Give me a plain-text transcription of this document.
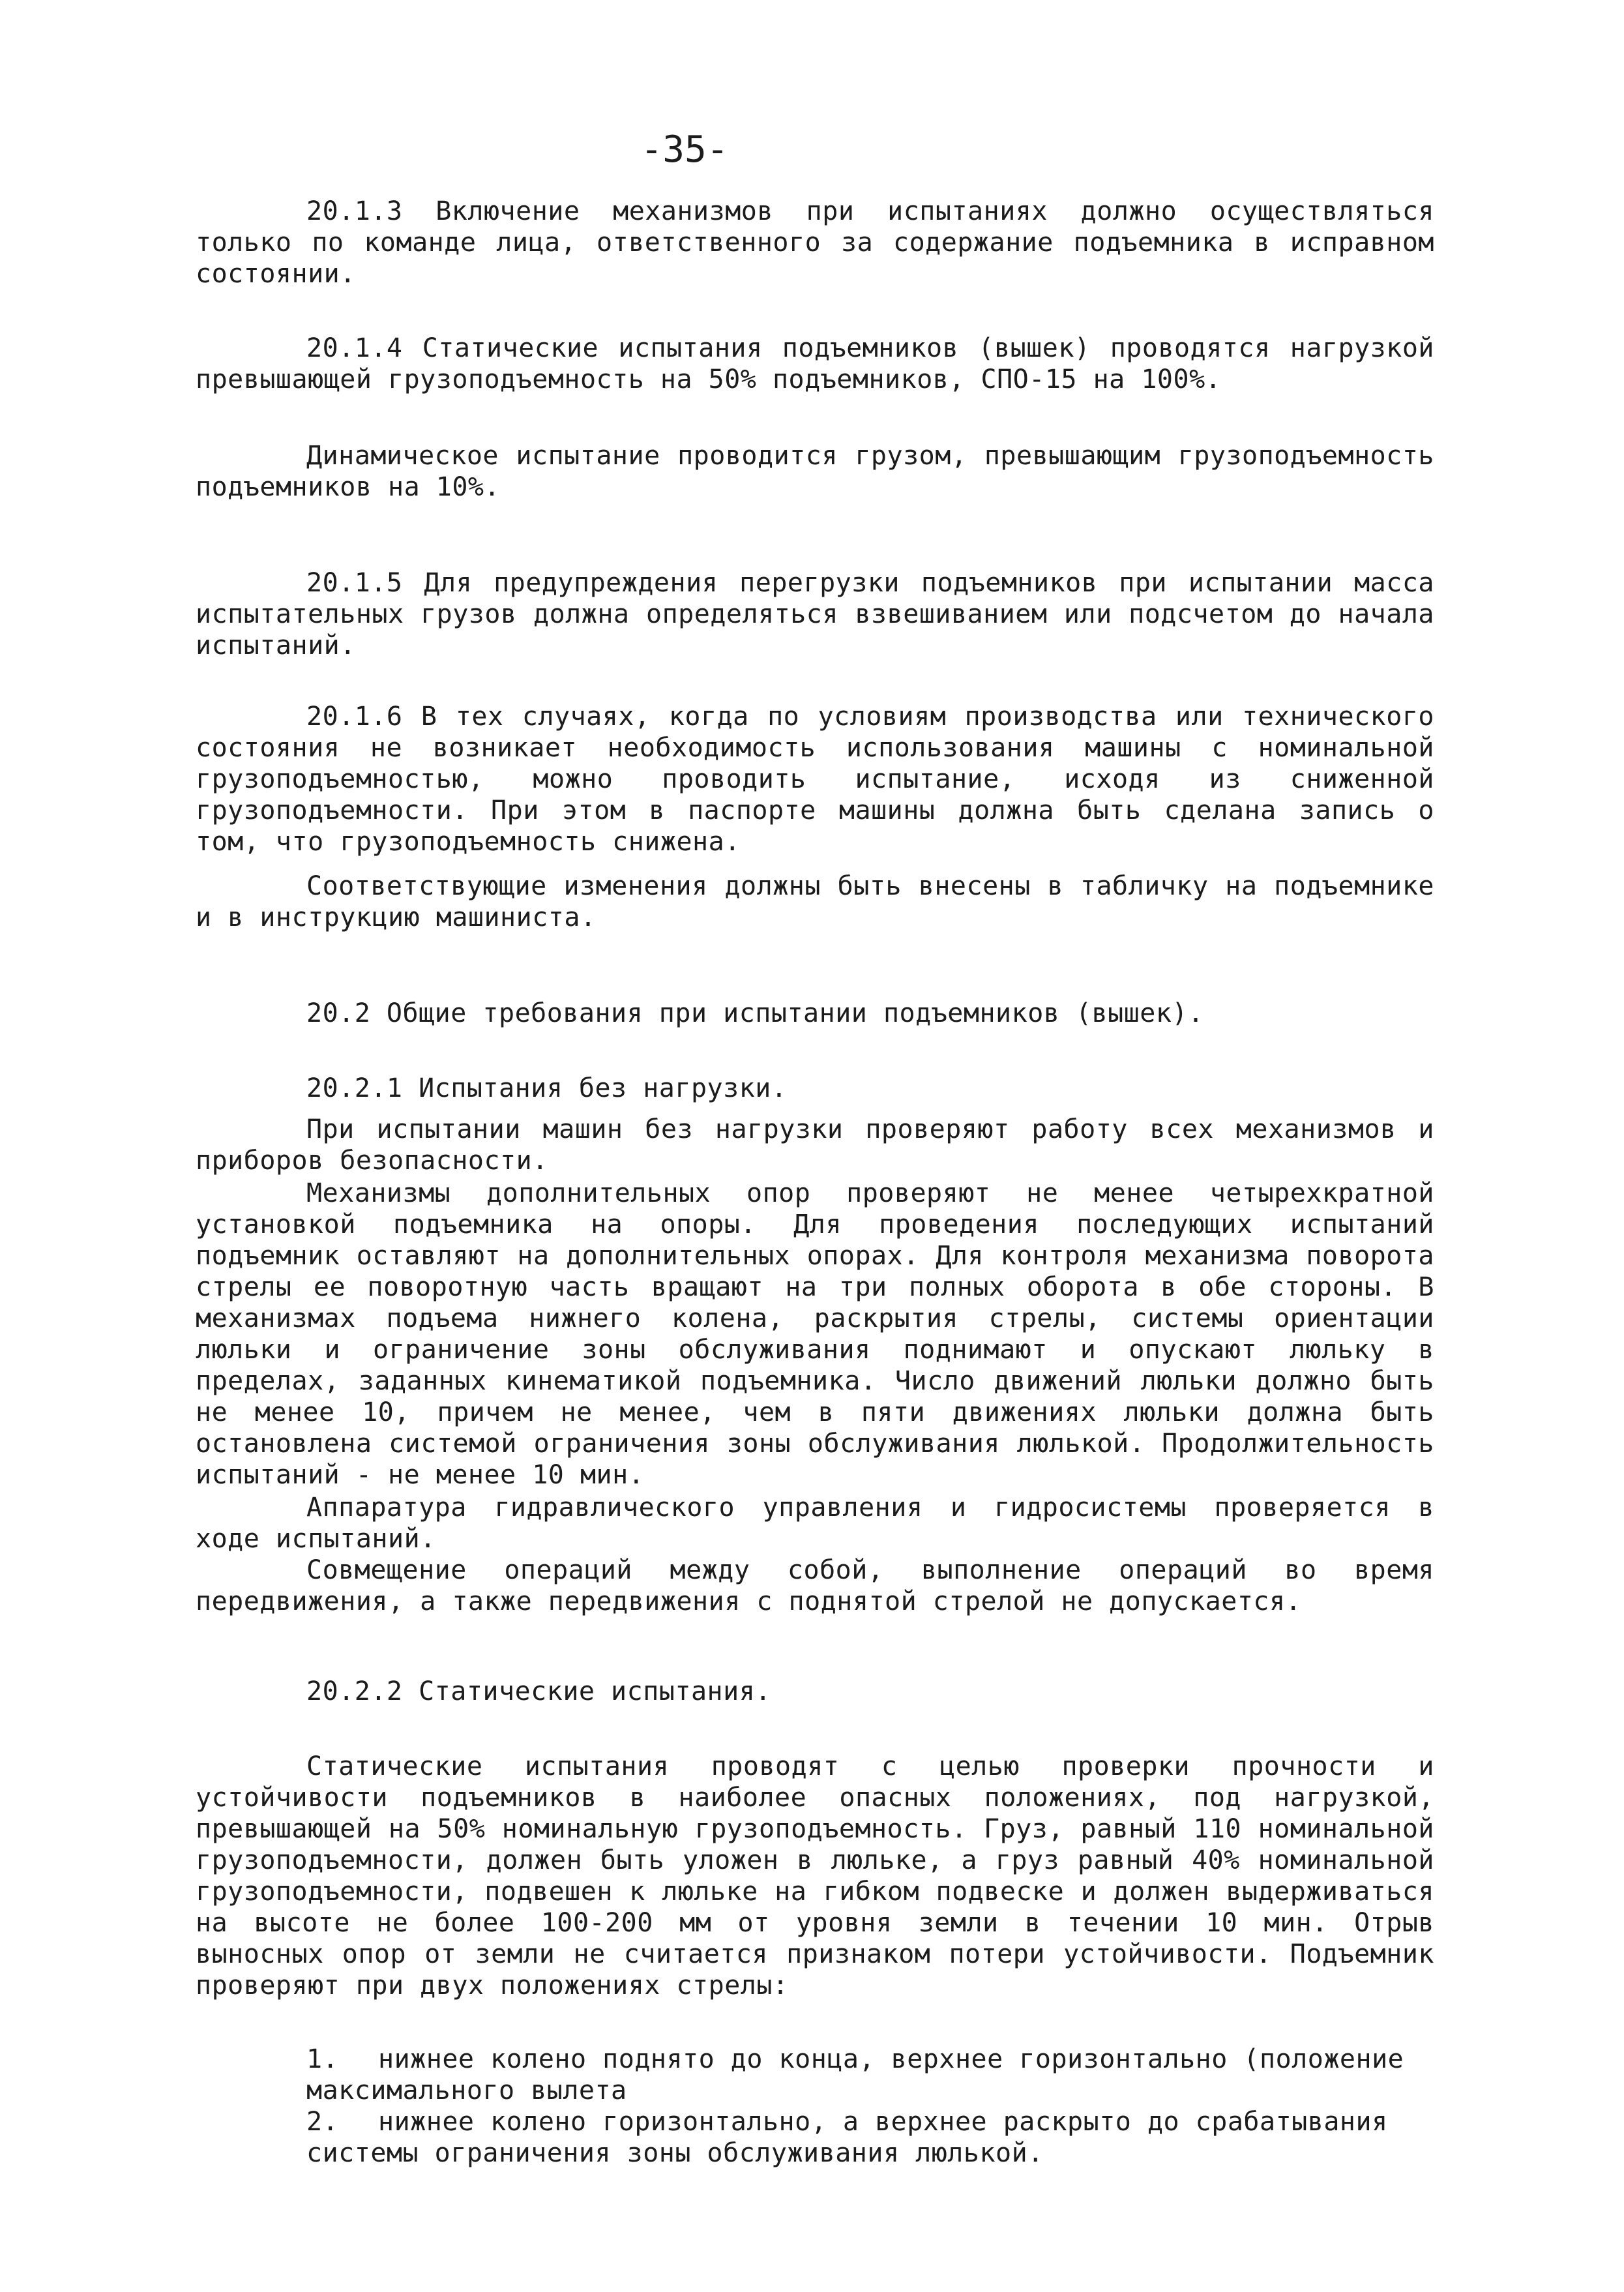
-35-

20.1.3 Включение механизмов при испытаниях должно осуществляться только по команде лица, ответственного за содержание подъемника в исправном состоянии.

20.1.4 Статические испытания подъемников (вышек) проводятся нагрузкой превышающей грузоподъемность на 50% подъемников, СПО-15 на 100%.

Динамическое испытание проводится грузом, превышающим грузоподъемность подъемников на 10%.

20.1.5 Для предупреждения перегрузки подъемников при испытании масса испытательных грузов должна определяться взвешиванием или подсчетом до начала испытаний.

20.1.6 В тех случаях, когда по условиям производства или технического состояния не возникает необходимость использования машины с номинальной грузоподъемностью, можно проводить испытание, исходя из сниженной грузоподъемности. При этом в паспорте машины должна быть сделана запись о том, что грузоподъемность снижена.

Соответствующие изменения должны быть внесены в табличку на подъемнике и в инструкцию машиниста.

20.2 Общие требования при испытании подъемников (вышек).

20.2.1 Испытания без нагрузки.

При испытании машин без нагрузки проверяют работу всех механизмов и приборов безопасности.

Механизмы дополнительных опор проверяют не менее четырехкратной установкой подъемника на опоры. Для проведения последующих испытаний подъемник оставляют на дополнительных опорах. Для контроля механизма поворота стрелы ее поворотную часть вращают на три полных оборота в обе стороны. В механизмах подъема нижнего колена, раскрытия стрелы, системы ориентации люльки и ограничение зоны обслуживания поднимают и опускают люльку в пределах, заданных кинематикой подъемника. Число движений люльки должно быть не менее 10, причем не менее, чем в пяти движениях люльки должна быть остановлена системой ограничения зоны обслуживания люлькой. Продолжительность испытаний - не менее 10 мин.

Аппаратура гидравлического управления и гидросистемы проверяется в ходе испытаний.

Совмещение операций между собой, выполнение операций во время передвижения, а также передвижения с поднятой стрелой не допускается.

20.2.2 Статические испытания.

Статические испытания проводят с целью проверки прочности и устойчивости подъемников в наиболее опасных положениях, под нагрузкой, превышающей на 50% номинальную грузоподъемность. Груз, равный 110 номинальной грузоподъемности, должен быть уложен в люльке, а груз равный 40% номинальной грузоподъемности, подвешен к люльке на гибком подвеске и должен выдерживаться на высоте не более 100-200 мм от уровня земли в течении 10 мин. Отрыв выносных опор от земли не считается признаком потери устойчивости. Подъемник проверяют при двух положениях стрелы:

1. нижнее колено поднято до конца, верхнее горизонтально (положение максимального вылета

2. нижнее колено горизонтально, а верхнее раскрыто до срабатывания системы ограничения зоны обслуживания люлькой.
